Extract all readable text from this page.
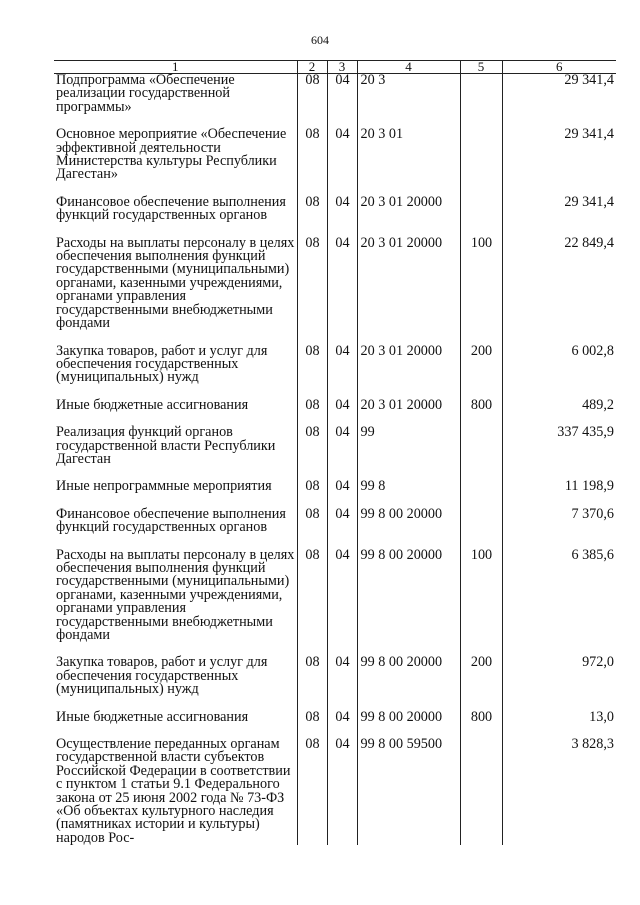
604
1	2	3	4	5	6
Подпрограмма «Обеспечение реализации государственной программы»	08	04	20 3		29 341,4
Основное мероприятие «Обеспечение эффективной деятельности Министерства культуры Республики Дагестан»	08	04	20 3 01		29 341,4
Финансовое обеспечение выполнения функций государственных органов	08	04	20 3 01 20000		29 341,4
Расходы на выплаты персоналу в целях обеспечения выполнения функций государственными (муниципальными) органами, казенными учреждениями, органами управления государственными внебюджетными фондами	08	04	20 3 01 20000	100	22 849,4
Закупка товаров, работ и услуг для обеспечения государственных (муниципальных) нужд	08	04	20 3 01 20000	200	6 002,8
Иные бюджетные ассигнования	08	04	20 3 01 20000	800	489,2
Реализация функций органов государственной власти Республики Дагестан	08	04	99		337 435,9
Иные непрограммные мероприятия	08	04	99 8		11 198,9
Финансовое обеспечение выполнения функций государственных органов	08	04	99 8 00 20000		7 370,6
Расходы на выплаты персоналу в целях обеспечения выполнения функций государственными (муниципальными) органами, казенными учреждениями, органами управления государственными внебюджетными фондами	08	04	99 8 00 20000	100	6 385,6
Закупка товаров, работ и услуг для обеспечения государственных (муниципальных) нужд	08	04	99 8 00 20000	200	972,0
Иные бюджетные ассигнования	08	04	99 8 00 20000	800	13,0
Осуществление переданных органам государственной власти субъектов Российской Федерации в соответствии с пунктом 1 статьи 9.1 Федерального закона от 25 июня 2002 года № 73-ФЗ «Об объектах культурного наследия (памятниках истории и культуры) народов Рос-	08	04	99 8 00 59500		3 828,3
